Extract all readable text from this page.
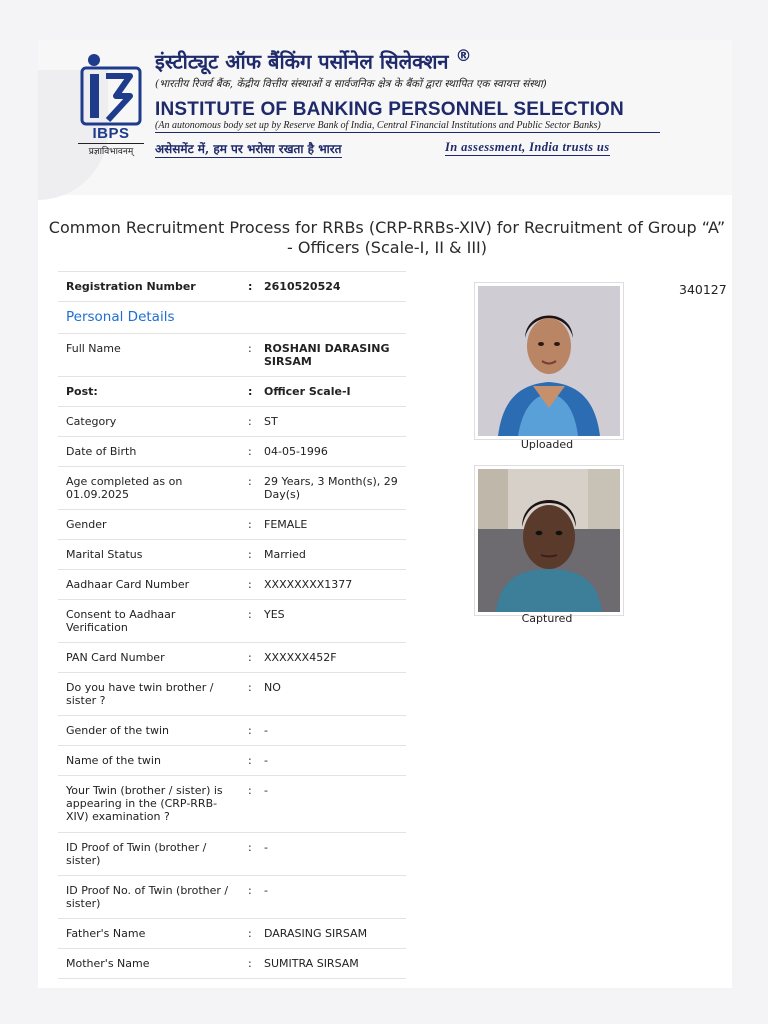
IBPS
प्रज्ञाविभावनम्
इंस्टीट्यूट ऑफ बैंकिंग पर्सोनेल सिलेक्शन ®
(भारतीय रिजर्व बैंक, केंद्रीय वित्तीय संस्थाओं व सार्वजनिक क्षेत्र के बैंकों द्वारा स्थापित एक स्वायत्त संस्था)
INSTITUTE OF BANKING PERSONNEL SELECTION
(An autonomous body set up by Reserve Bank of India, Central Financial Institutions and Public Sector Banks)
असेसमेंट में, हम पर भरोसा रखता है भारत	In assessment, India trusts us
Common Recruitment Process for RRBs (CRP-RRBs-XIV) for Recruitment of Group “A”
- Officers (Scale-I, II & III)
340127
Registration Number	:	2610520524
Personal Details		
Full Name	:	ROSHANI DARASING SIRSAM
Post:	:	Officer Scale-I
Category	:	ST
Date of Birth	:	04-05-1996
Age completed as on 01.09.2025	:	29 Years, 3 Month(s), 29 Day(s)
Gender	:	FEMALE
Marital Status	:	Married
Aadhaar Card Number	:	XXXXXXXX1377
Consent to Aadhaar Verification	:	YES
PAN Card Number	:	XXXXXX452F
Do you have twin brother / sister ?	:	NO
Gender of the twin	:	-
Name of the twin	:	-
Your Twin (brother / sister) is appearing in the (CRP-RRB-XIV) examination ?	:	-
ID Proof of Twin (brother / sister)	:	-
ID Proof No. of Twin (brother / sister)	:	-
Father's Name	:	DARASING SIRSAM
Mother's Name	:	SUMITRA SIRSAM
Uploaded
Captured
